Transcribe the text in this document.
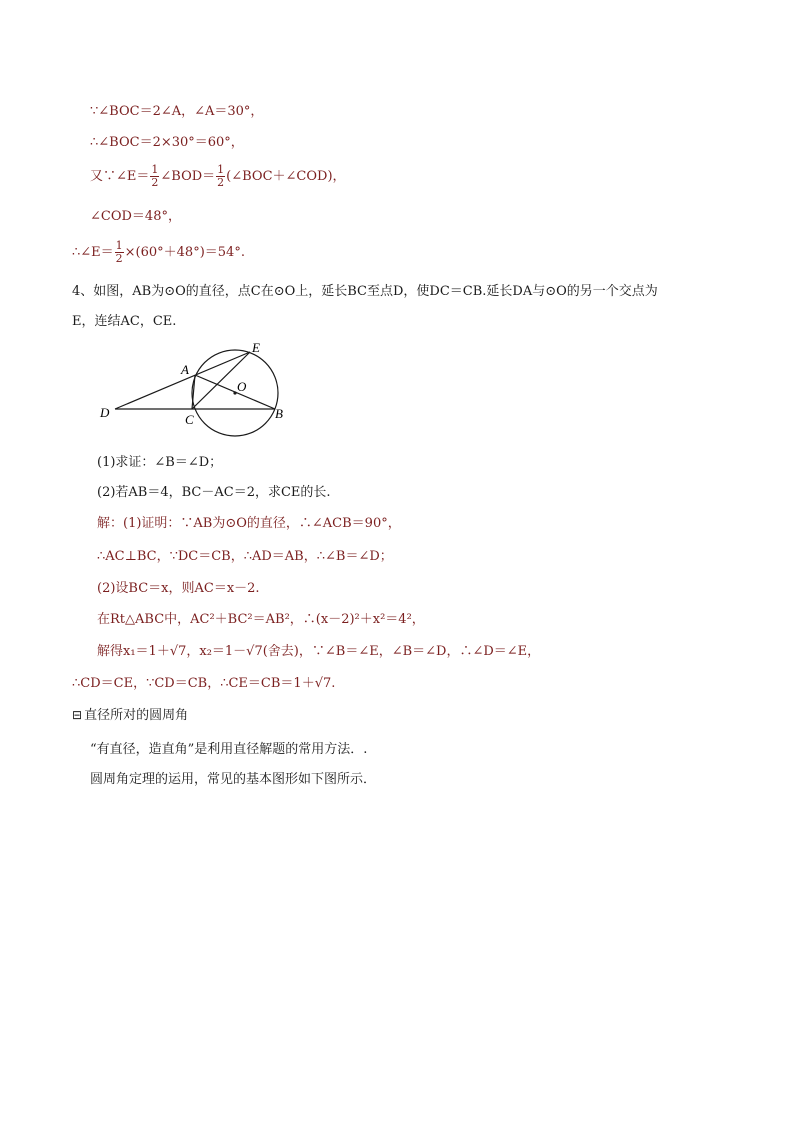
∵∠BOC＝2∠A，∠A＝30°，
∴∠BOC＝2×30°＝60°，
又∵∠E＝ $\frac{1}{2}$ ∠BOD＝ $\frac{1}{2}$ (∠BOC＋∠COD)，
∠COD＝48°，
∴∠E＝ $\frac{1}{2} \times(60^\circ+48^\circ)=54^\circ$.
4、如图，AB为⊙O的直径，点C在⊙O上，延长BC至点D，使DC＝CB.延长DA与⊙O的另一个交点为
E，连结AC，CE.
A
B
C
D
E
O
(1)求证：∠B＝∠D；
(2)若AB＝4，BC－AC＝2，求CE的长.
解：(1)证明：∵AB为⊙O的直径，∴∠ACB＝90°，
∴AC⊥BC，∵DC＝CB，∴AD＝AB，∴∠B＝∠D；
(2)设BC＝x，则AC＝x－2.
在Rt△ABC中，AC²＋BC²＝AB²，∴(x－2)²＋x²＝4²，
解得x₁＝1＋√7，x₂＝1－√7(舍去)，∵∠B＝∠E，∠B＝∠D，∴∠D＝∠E，
∴CD＝CE，∵CD＝CB，∴CE＝CB＝1＋√7.
⊟ 直径所对的圆周角
“有直径，造直角”是利用直径解题的常用方法．.
圆周角定理的运用，常见的基本图形如下图所示．
